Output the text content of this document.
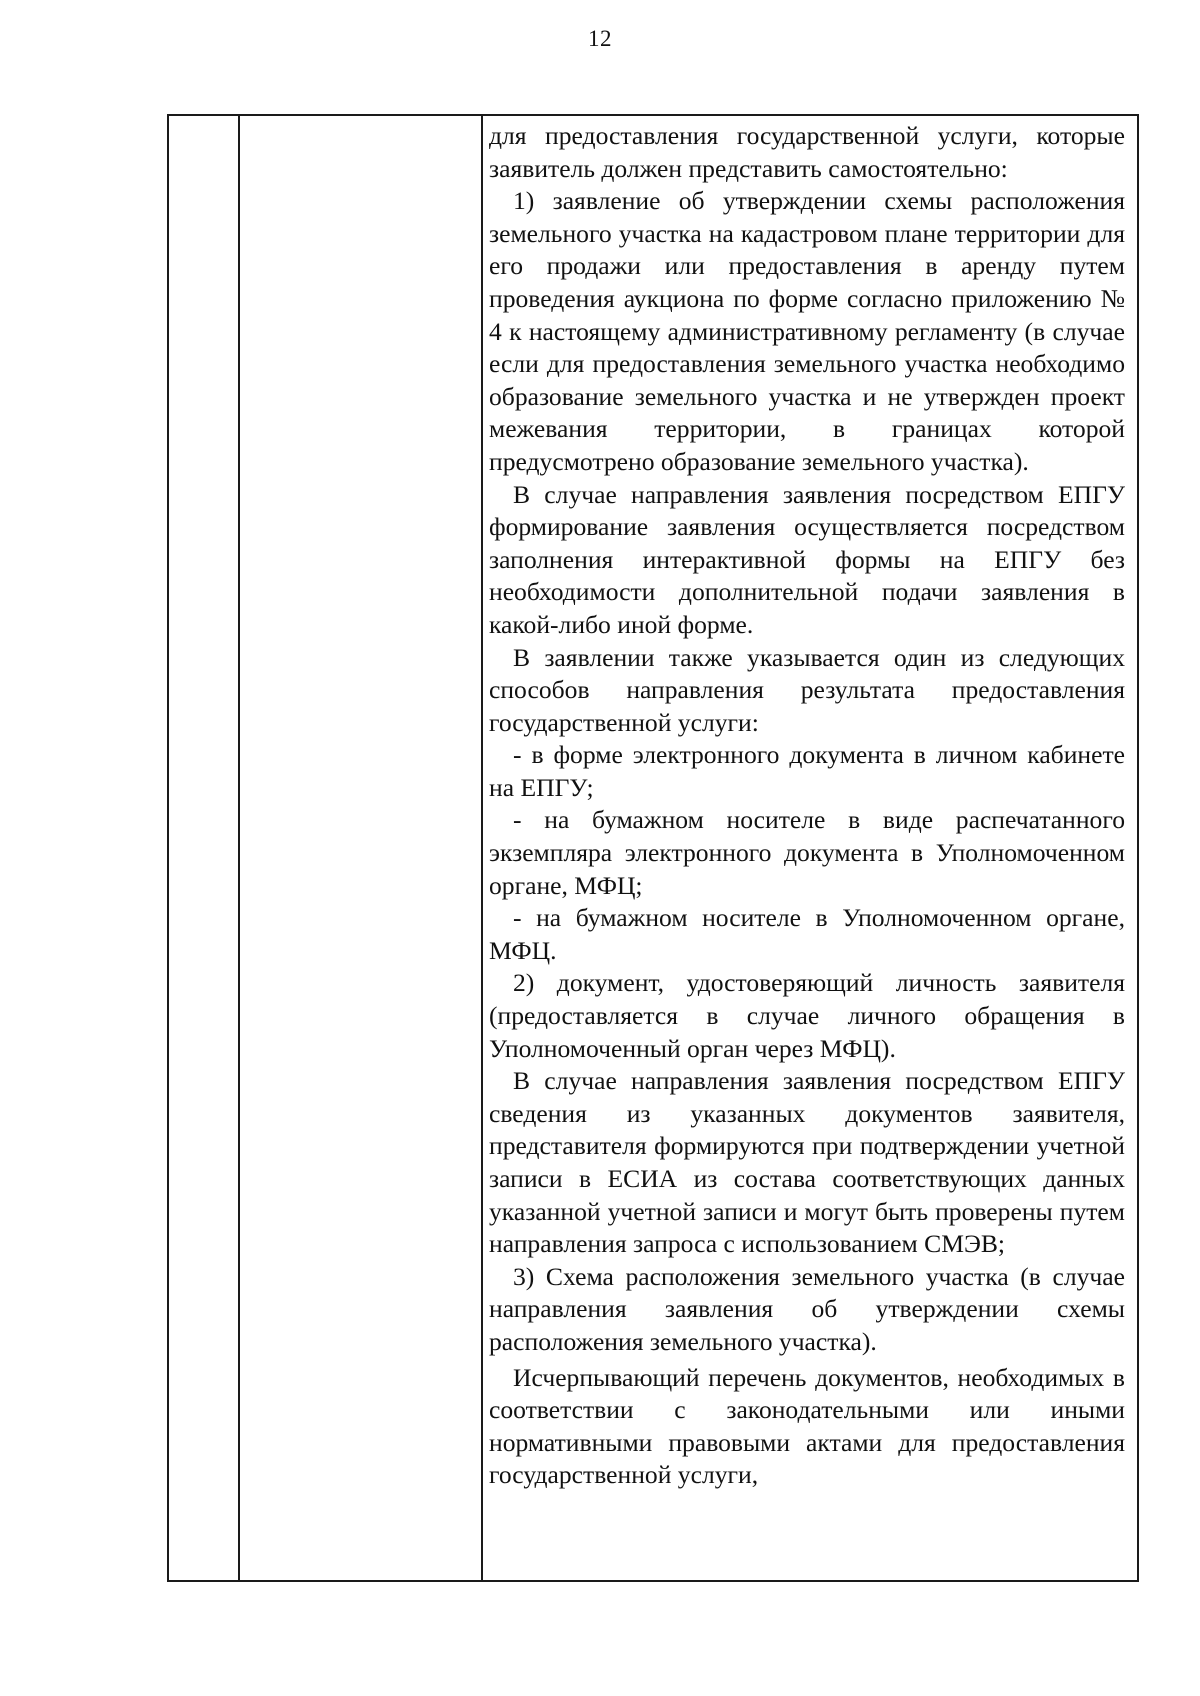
12

для предоставления государственной услуги, которые заявитель должен представить самостоятельно:

1) заявление об утверждении схемы расположения земельного участка на кадастровом плане территории для его продажи или предоставления в аренду путем проведения аукциона по форме согласно приложению № 4 к настоящему административному регламенту (в случае если для предоставления земельного участка необходимо образование земельного участка и не утвержден проект межевания территории, в границах которой предусмотрено образование земельного участка).

В случае направления заявления посредством ЕПГУ формирование заявления осуществляется посредством заполнения интерактивной формы на ЕПГУ без необходимости дополнительной подачи заявления в какой-либо иной форме.

В заявлении также указывается один из следующих способов направления результата предоставления государственной услуги:

- в форме электронного документа в личном кабинете на ЕПГУ;

- на бумажном носителе в виде распечатанного экземпляра электронного документа в Уполномоченном органе, МФЦ;

- на бумажном носителе в Уполномоченном органе, МФЦ.

2) документ, удостоверяющий личность заявителя (предоставляется в случае личного обращения в Уполномоченный орган через МФЦ).

В случае направления заявления посредством ЕПГУ сведения из указанных документов заявителя, представителя формируются при подтверждении учетной записи в ЕСИА из состава соответствующих данных указанной учетной записи и могут быть проверены путем направления запроса с использованием СМЭВ;

3) Схема расположения земельного участка (в случае направления заявления об утверждении схемы расположения земельного участка).

Исчерпывающий перечень документов, необходимых в соответствии с законодательными или иными нормативными правовыми актами для предоставления государственной услуги,
